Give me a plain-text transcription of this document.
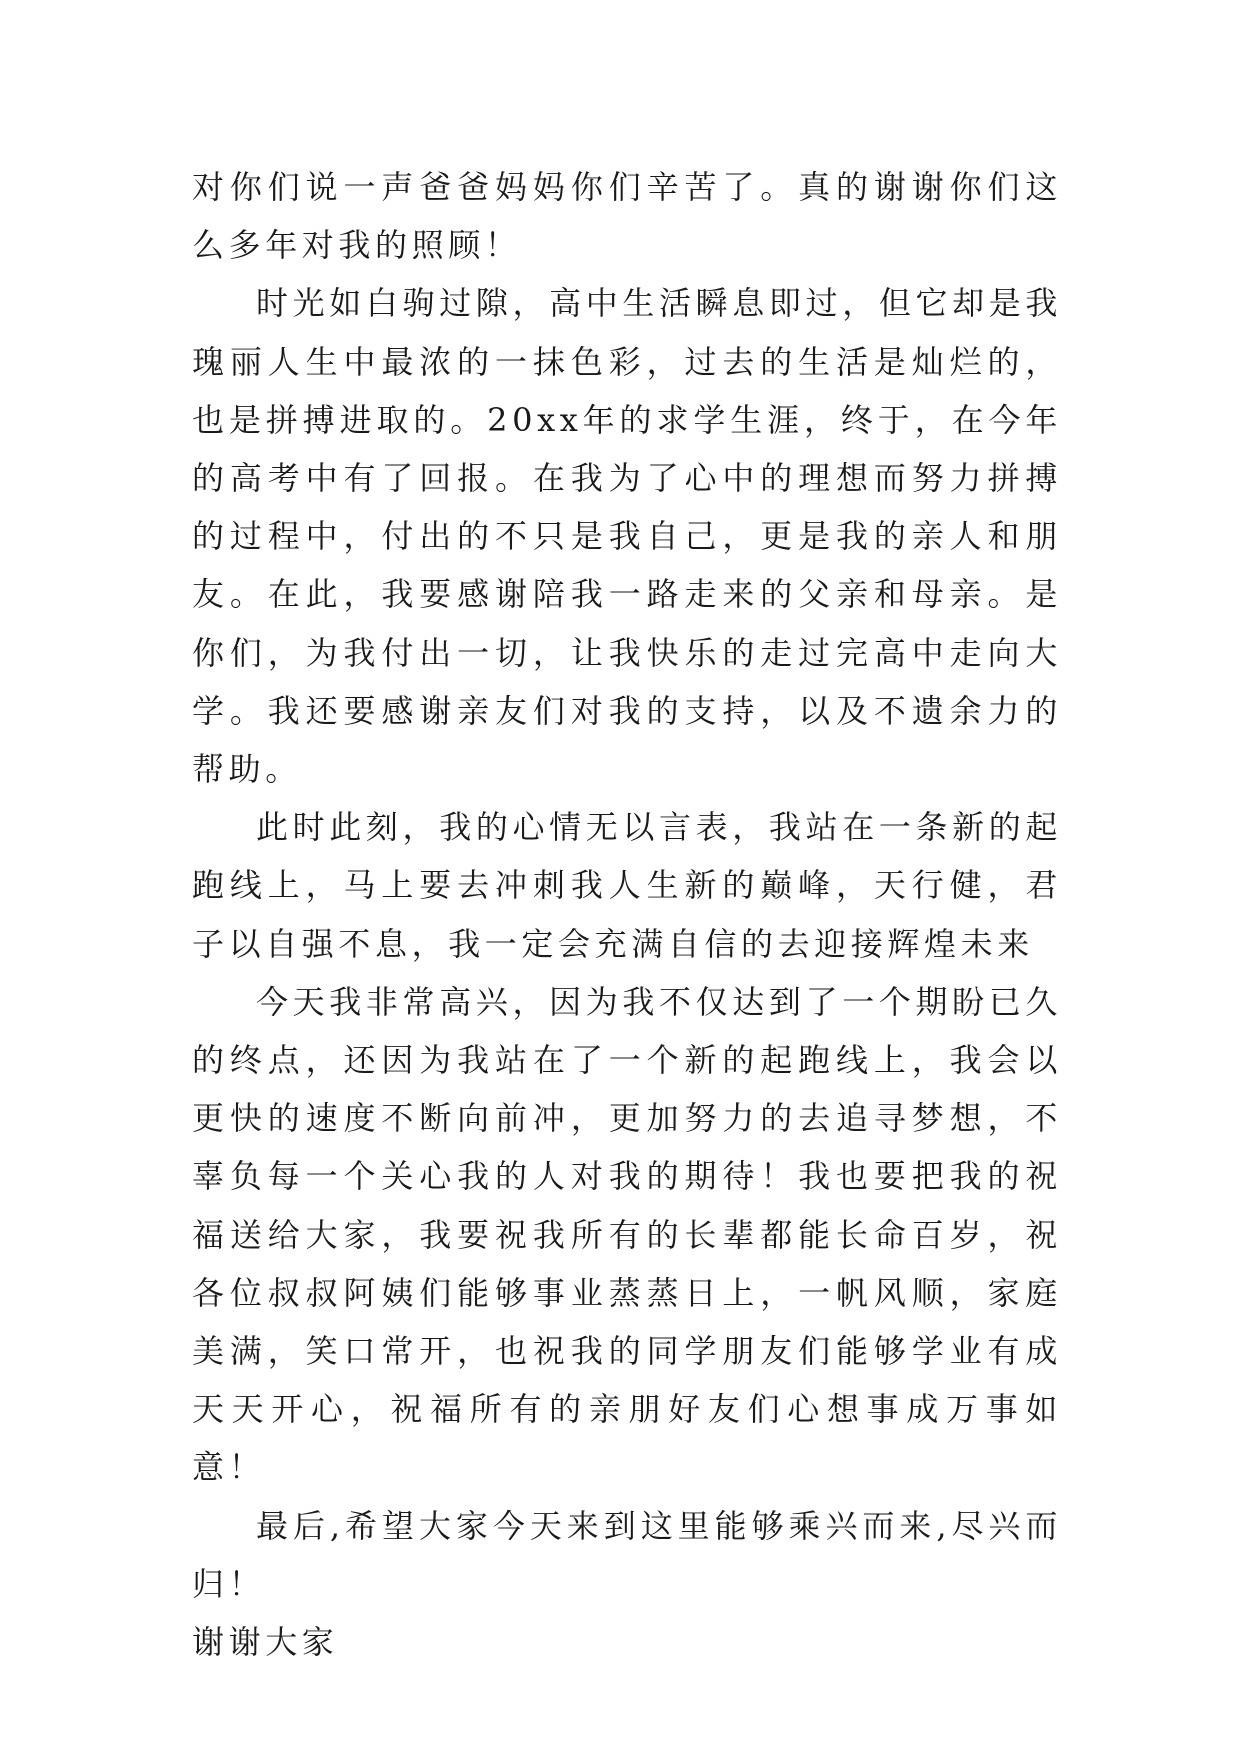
对你们说一声爸爸妈妈你们辛苦了。真的谢谢你们这么多年对我的照顾！

时光如白驹过隙，高中生活瞬息即过，但它却是我瑰丽人生中最浓的一抹色彩，过去的生活是灿烂的，也是拼搏进取的。20xx年的求学生涯，终于，在今年的高考中有了回报。在我为了心中的理想而努力拼搏的过程中，付出的不只是我自己，更是我的亲人和朋友。在此，我要感谢陪我一路走来的父亲和母亲。是你们，为我付出一切，让我快乐的走过完高中走向大学。我还要感谢亲友们对我的支持，以及不遗余力的帮助。

此时此刻，我的心情无以言表，我站在一条新的起跑线上，马上要去冲刺我人生新的巅峰，天行健，君子以自强不息，我一定会充满自信的去迎接辉煌未来

今天我非常高兴，因为我不仅达到了一个期盼已久的终点，还因为我站在了一个新的起跑线上，我会以更快的速度不断向前冲，更加努力的去追寻梦想，不辜负每一个关心我的人对我的期待！我也要把我的祝福送给大家，我要祝我所有的长辈都能长命百岁，祝各位叔叔阿姨们能够事业蒸蒸日上，一帆风顺，家庭美满，笑口常开，也祝我的同学朋友们能够学业有成天天开心，祝福所有的亲朋好友们心想事成万事如意！

最后,希望大家今天来到这里能够乘兴而来,尽兴而归！

谢谢大家
